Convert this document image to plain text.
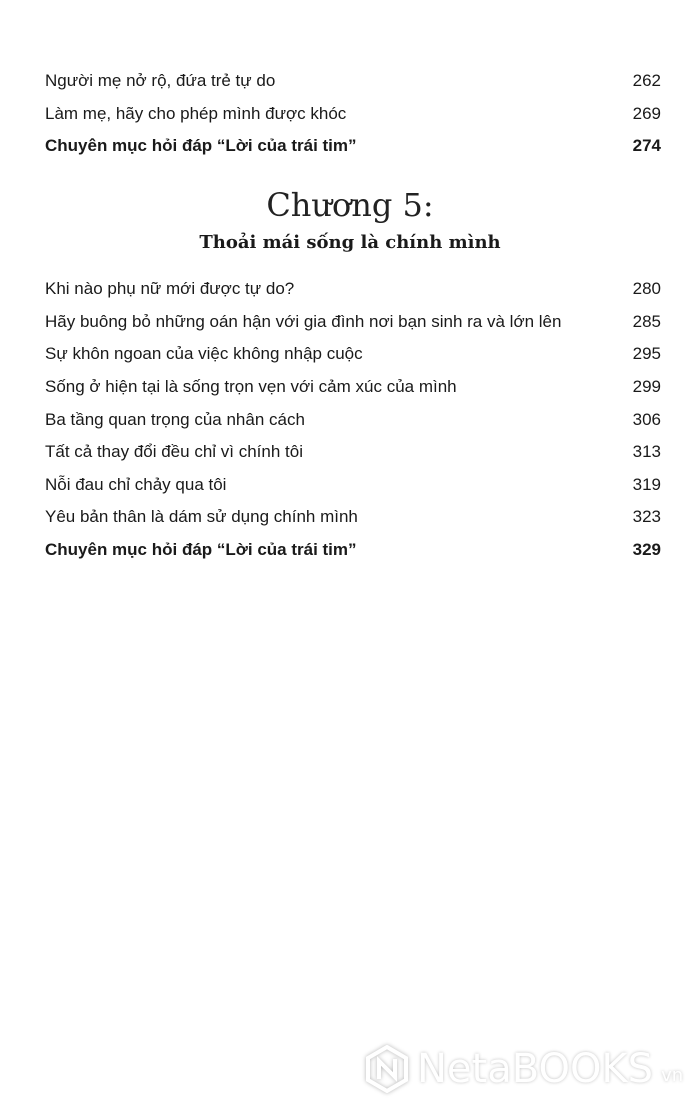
Người mẹ nở rộ, đứa trẻ tự do	262
Làm mẹ, hãy cho phép mình được khóc	269
Chuyên mục hỏi đáp “Lời của trái tim”	274
Chương 5:
Thoải mái sống là chính mình
Khi nào phụ nữ mới được tự do?	280
Hãy buông bỏ những oán hận với gia đình nơi bạn sinh ra và lớn lên	285
Sự khôn ngoan của việc không nhập cuộc	295
Sống ở hiện tại là sống trọn vẹn với cảm xúc của mình	299
Ba tầng quan trọng của nhân cách	306
Tất cả thay đổi đều chỉ vì chính tôi	313
Nỗi đau chỉ chảy qua tôi	319
Yêu bản thân là dám sử dụng chính mình	323
Chuyên mục hỏi đáp “Lời của trái tim”	329
NetaBOOKS vn
